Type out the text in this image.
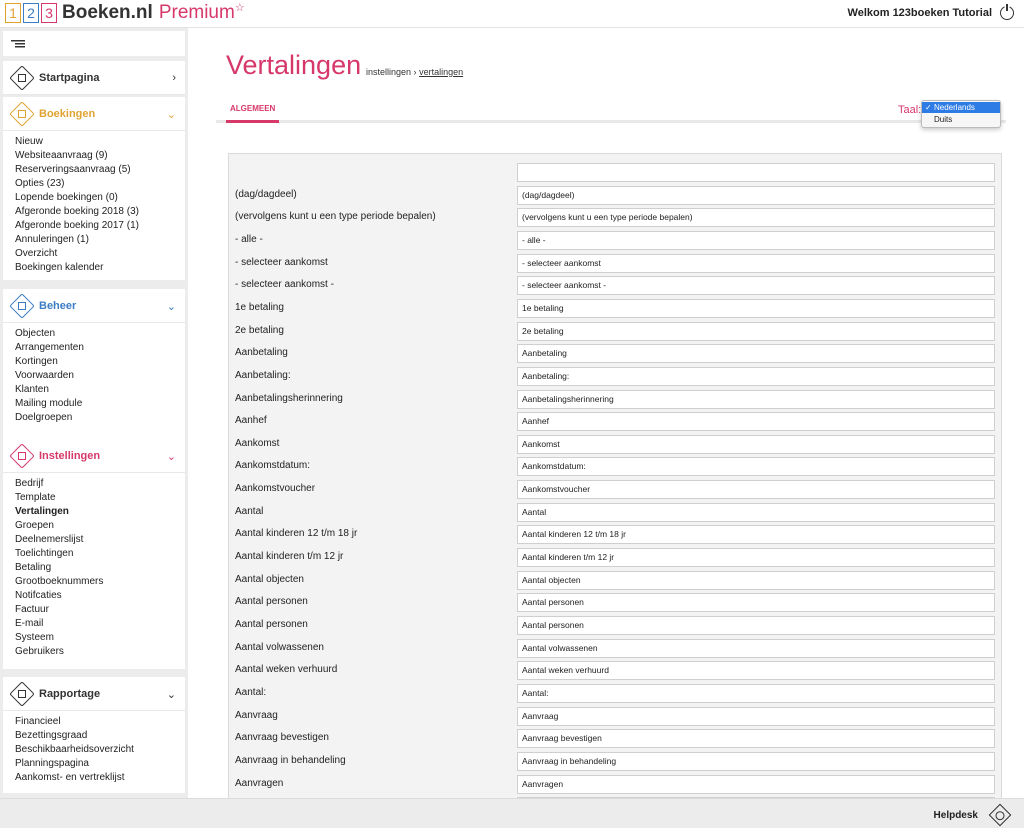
1 2 3 Boeken.nl Premium ☆	Welkom 123boeken Tutorial
Startpagina	›
Boekingen	⌄
Nieuw
Websiteaanvraag (9)
Reserveringsaanvraag (5)
Opties (23)
Lopende boekingen (0)
Afgeronde boeking 2018 (3)
Afgeronde boeking 2017 (1)
Annuleringen (1)
Overzicht
Boekingen kalender
Beheer	⌄
Objecten
Arrangementen
Kortingen
Voorwaarden
Klanten
Mailing module
Doelgroepen
Instellingen	⌄
Bedrijf
Template
Vertalingen
Groepen
Deelnemerslijst
Toelichtingen
Betaling
Grootboeknummers
Notifcaties
Factuur
E-mail
Systeem
Gebruikers
Rapportage	⌄
Financieel
Bezettingsgraad
Beschikbaarheidsoverzicht
Planningspagina
Aankomst- en vertreklijst
Vertalingen instellingen › vertalingen
ALGEMEEN	Taal: ✓ Nederlands
Duits
(dag/dagdeel)	(dag/dagdeel)
(vervolgens kunt u een type periode bepalen)	(vervolgens kunt u een type periode bepalen)
- alle -	- alle -
- selecteer aankomst	- selecteer aankomst
- selecteer aankomst -	- selecteer aankomst -
1e betaling	1e betaling
2e betaling	2e betaling
Aanbetaling	Aanbetaling
Aanbetaling:	Aanbetaling:
Aanbetalingsherinnering	Aanbetalingsherinnering
Aanhef	Aanhef
Aankomst	Aankomst
Aankomstdatum:	Aankomstdatum:
Aankomstvoucher	Aankomstvoucher
Aantal	Aantal
Aantal kinderen 12 t/m 18 jr	Aantal kinderen 12 t/m 18 jr
Aantal kinderen t/m 12 jr	Aantal kinderen t/m 12 jr
Aantal objecten	Aantal objecten
Aantal personen	Aantal personen
Aantal personen	Aantal personen
Aantal volwassenen	Aantal volwassenen
Aantal weken verhuurd	Aantal weken verhuurd
Aantal:	Aantal:
Aanvraag	Aanvraag
Aanvraag bevestigen	Aanvraag bevestigen
Aanvraag in behandeling	Aanvraag in behandeling
Aanvragen	Aanvragen
Helpdesk
